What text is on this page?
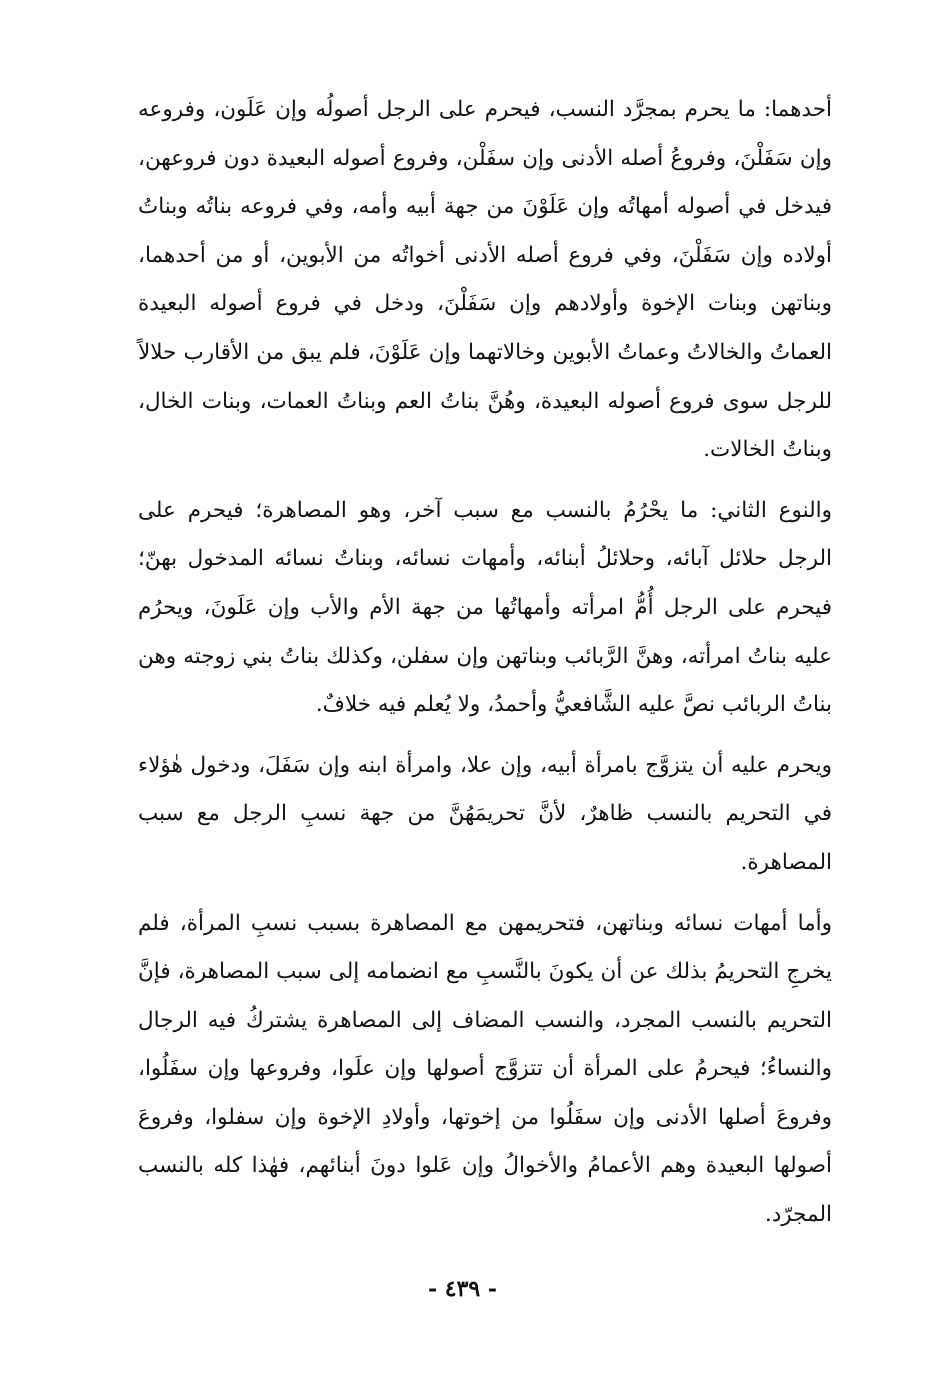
أحدهما: ما يحرم بمجرَّد النسب، فيحرم على الرجل أصولُه وإن عَلَون، وفروعه وإن سَفَلْنَ، وفروعُ أصله الأدنى وإن سفَلْن، وفروع أصوله البعيدة دون فروعهن، فيدخل في أصوله أمهاتُه وإن عَلَوْنَ من جهة أبيه وأمه، وفي فروعه بناتُه وبناتُ أولاده وإن سَفَلْنَ، وفي فروع أصله الأدنى أخواتُه من الأبوين، أو من أحدهما، وبناتهن وبنات الإخوة وأولادهم وإن سَفَلْنَ، ودخل في فروع أصوله البعيدة العماتُ والخالاتُ وعماتُ الأبوين وخالاتهما وإن عَلَوْنَ، فلم يبق من الأقارب حلالاً للرجل سوى فروع أصوله البعيدة، وهُنَّ بناتُ العم وبناتُ العمات، وبنات الخال، وبناتُ الخالات.

والنوع الثاني: ما يحْرُمُ بالنسب مع سبب آخر، وهو المصاهرة؛ فيحرم على الرجل حلائل آبائه، وحلائلُ أبنائه، وأمهات نسائه، وبناتُ نسائه المدخول بهنّ؛ فيحرم على الرجل أُمُّ امرأته وأمهاتُها من جهة الأم والأب وإن عَلَونَ، ويحرُم عليه بناتُ امرأته، وهنَّ الرَّبائب وبناتهن وإن سفلن، وكذلك بناتُ بني زوجته وهن بناتُ الربائب نصَّ عليه الشَّافعيُّ وأحمدُ، ولا يُعلم فيه خلافٌ.

ويحرم عليه أن يتزوَّج بامرأة أبيه، وإن علا، وامرأة ابنه وإن سَفَلَ، ودخول هٰؤلاء في التحريم بالنسب ظاهرٌ، لأنَّ تحريمَهُنَّ من جهة نسبِ الرجل مع سبب المصاهرة.

وأما أمهات نسائه وبناتهن، فتحريمهن مع المصاهرة بسبب نسبِ المرأة، فلم يخرجِ التحريمُ بذلك عن أن يكونَ بالنَّسبِ مع انضمامه إلى سبب المصاهرة، فإنَّ التحريم بالنسب المجرد، والنسب المضاف إلى المصاهرة يشتركُ فيه الرجال والنساءُ؛ فيحرمُ على المرأة أن تتزوَّج أصولها وإن علَوا، وفروعها وإن سفَلُوا، وفروعَ أصلها الأدنى وإن سفَلُوا من إخوتها، وأولادِ الإخوة وإن سفلوا، وفروعَ أصولها البعيدة وهم الأعمامُ والأخوالُ وإن عَلوا دونَ أبنائهم، فهٰذا كله بالنسب المجرّد.

- ٤٣٩ -
